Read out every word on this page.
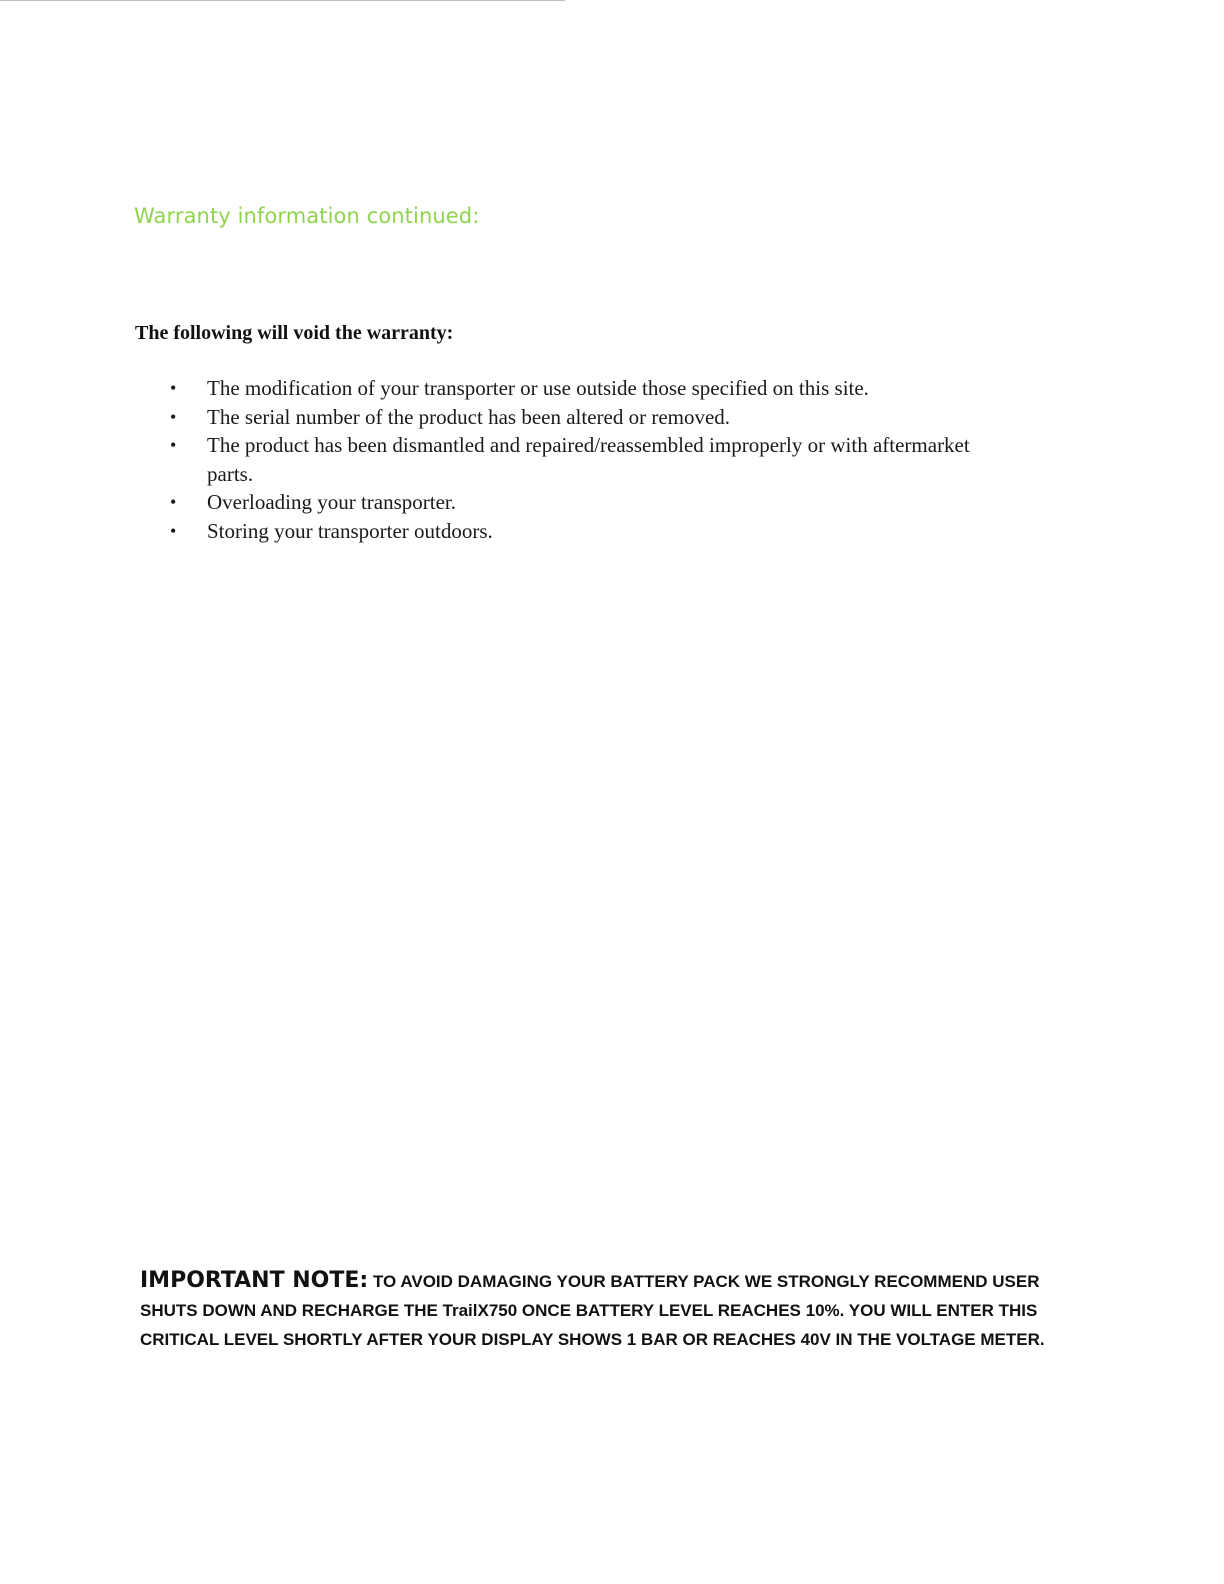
Warranty information continued:

The following will void the warranty:

• The modification of your transporter or use outside those specified on this site.
• The serial number of the product has been altered or removed.
• The product has been dismantled and repaired/reassembled improperly or with aftermarket parts.
• Overloading your transporter.
• Storing your transporter outdoors.

IMPORTANT NOTE: TO AVOID DAMAGING YOUR BATTERY PACK WE STRONGLY RECOMMEND USER SHUTS DOWN AND RECHARGE THE TrailX750 ONCE BATTERY LEVEL REACHES 10%. YOU WILL ENTER THIS CRITICAL LEVEL SHORTLY AFTER YOUR DISPLAY SHOWS 1 BAR OR REACHES 40V IN THE VOLTAGE METER.
